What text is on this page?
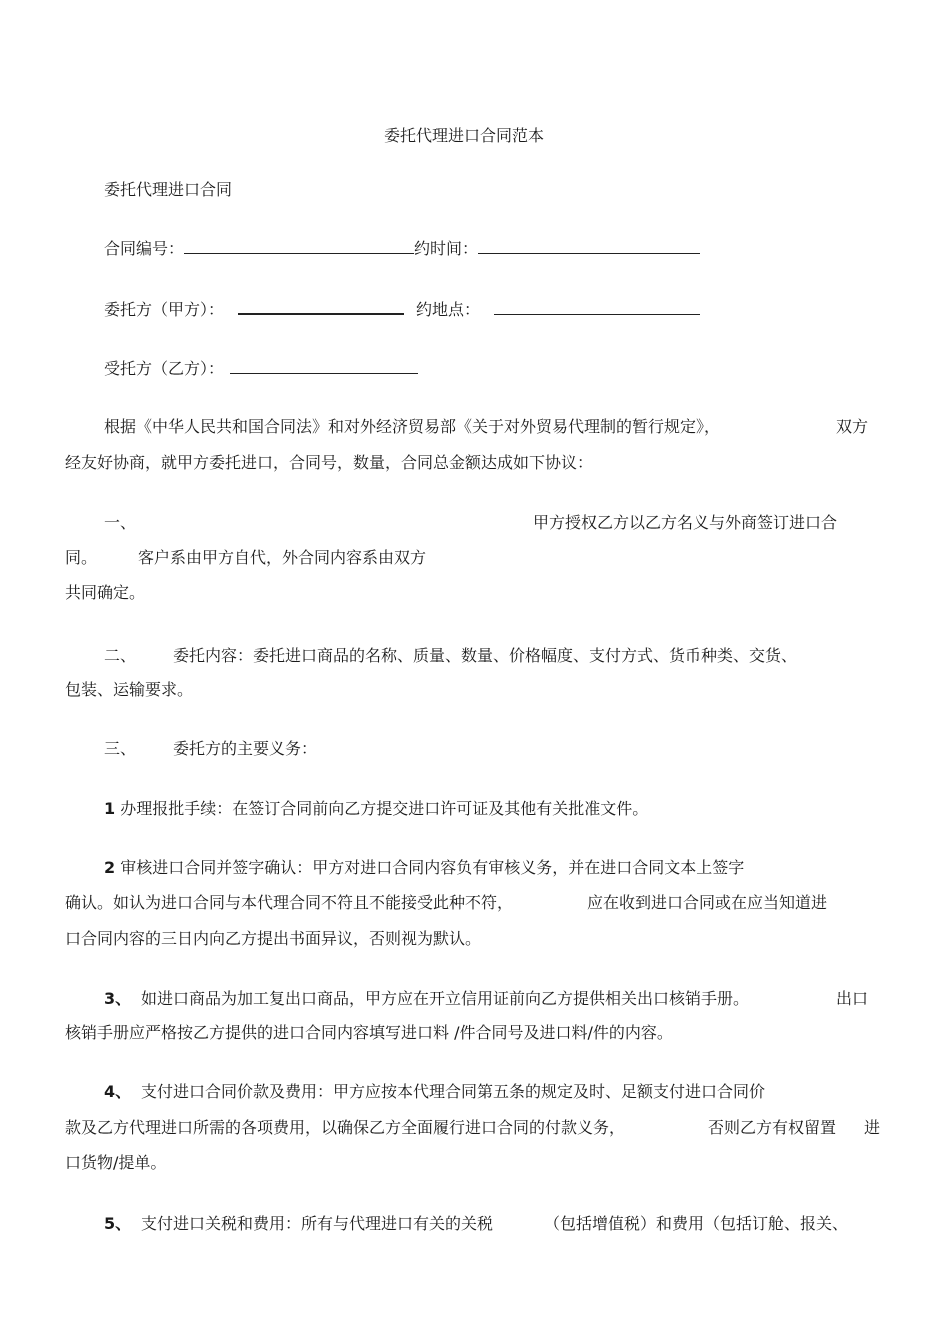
委托代理进口合同范本
委托代理进口合同
合同编号：	约时间：
委托方（甲方）：	约地点：
受托方（乙方）：
根据《中华人民共和国合同法》和对外经济贸易部《关于对外贸易代理制的暂行规定》，	双方
经友好协商，就甲方委托进口，合同号，数量，合同总金额达成如下协议：
一、	甲方授权乙方以乙方名义与外商签订进口合
同。	客户系由甲方自代，外合同内容系由双方
共同确定。
二、 委托内容：委托进口商品的名称、质量、数量、价格幅度、支付方式、货币种类、交货、
包装、运输要求。
三、 委托方的主要义务：
1 办理报批手续：在签订合同前向乙方提交进口许可证及其他有关批准文件。
2 审核进口合同并签字确认：甲方对进口合同内容负有审核义务，并在进口合同文本上签字
确认。如认为进口合同与本代理合同不符且不能接受此种不符，	应在收到进口合同或在应当知道进
口合同内容的三日内向乙方提出书面异议，否则视为默认。
3、 如进口商品为加工复出口商品，甲方应在开立信用证前向乙方提供相关出口核销手册。	出口
核销手册应严格按乙方提供的进口合同内容填写进口料 /件合同号及进口料/件的内容。
4、 支付进口合同价款及费用：甲方应按本代理合同第五条的规定及时、足额支付进口合同价
款及乙方代理进口所需的各项费用，以确保乙方全面履行进口合同的付款义务，	否则乙方有权留置 进
口货物/提单。
5、 支付进口关税和费用：所有与代理进口有关的关税	（包括增值税）和费用（包括订舱、报关、
